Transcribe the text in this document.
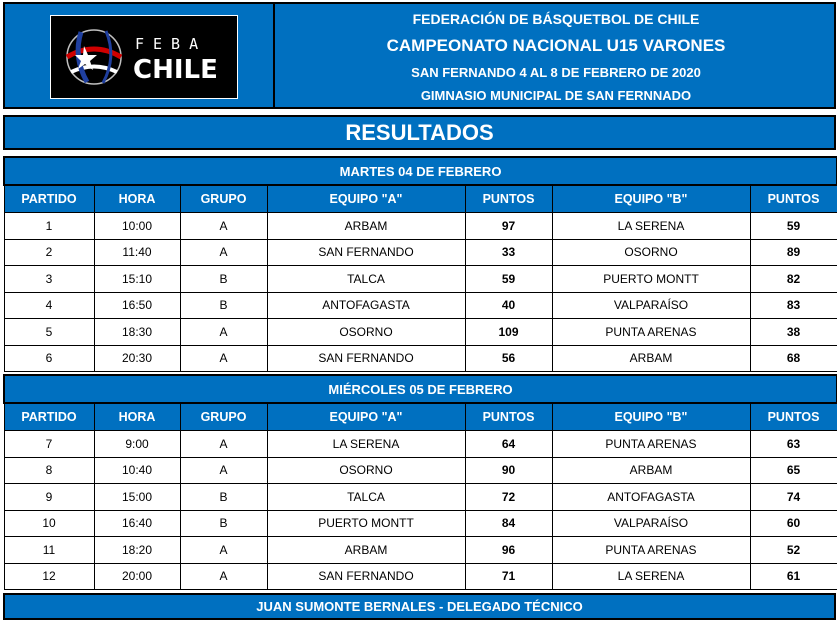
FEBA
CHILE
FEDERACIÓN DE BÁSQUETBOL DE CHILE
CAMPEONATO NACIONAL U15 VARONES
SAN FERNANDO 4 AL 8 DE FEBRERO DE 2020
GIMNASIO MUNICIPAL DE SAN FERNNADO
RESULTADOS
MARTES 04 DE FEBRERO						
PARTIDO	HORA	GRUPO	EQUIPO "A"	PUNTOS	EQUIPO "B"	PUNTOS
1	10:00	A	ARBAM	97	LA SERENA	59
2	11:40	A	SAN FERNANDO	33	OSORNO	89
3	15:10	B	TALCA	59	PUERTO MONTT	82
4	16:50	B	ANTOFAGASTA	40	VALPARAÍSO	83
5	18:30	A	OSORNO	109	PUNTA ARENAS	38
6	20:30	A	SAN FERNANDO	56	ARBAM	68
MIÉRCOLES 05 DE FEBRERO						
PARTIDO	HORA	GRUPO	EQUIPO "A"	PUNTOS	EQUIPO "B"	PUNTOS
7	9:00	A	LA SERENA	64	PUNTA ARENAS	63
8	10:40	A	OSORNO	90	ARBAM	65
9	15:00	B	TALCA	72	ANTOFAGASTA	74
10	16:40	B	PUERTO MONTT	84	VALPARAÍSO	60
11	18:20	A	ARBAM	96	PUNTA ARENAS	52
12	20:00	A	SAN FERNANDO	71	LA SERENA	61
JUAN SUMONTE BERNALES - DELEGADO TÉCNICO
